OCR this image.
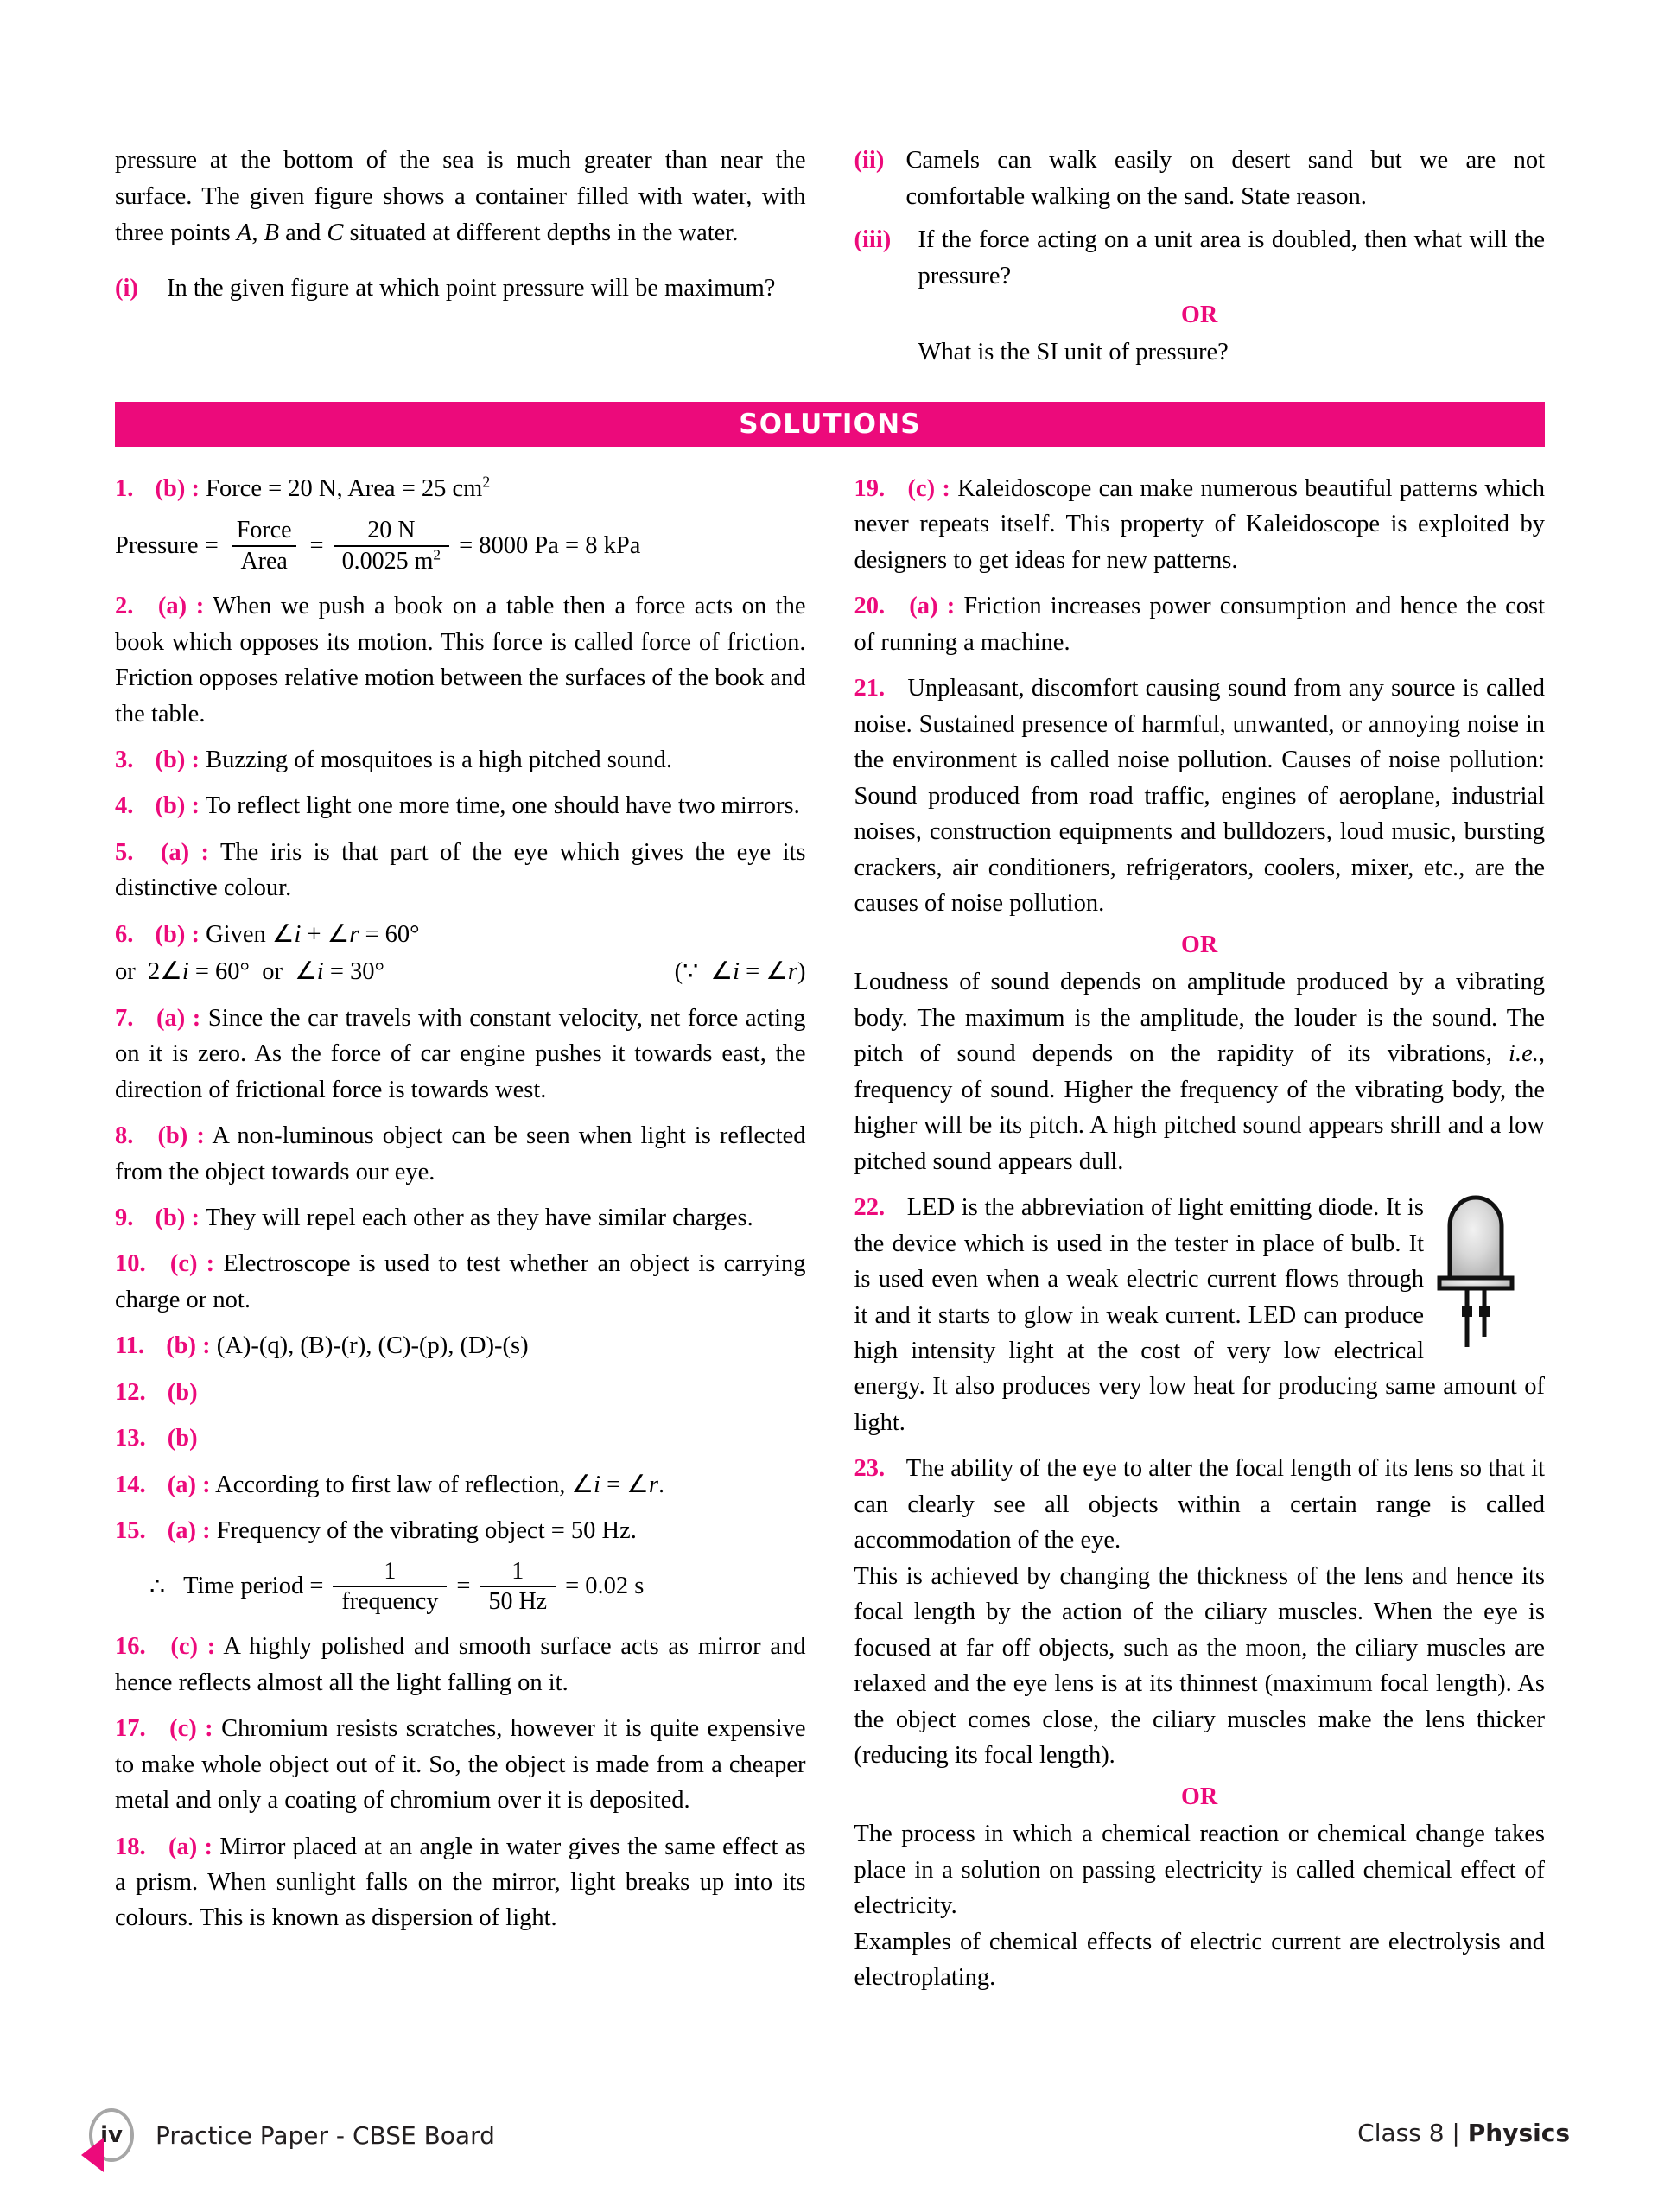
pressure at the bottom of the sea is much greater than near the surface. The given figure shows a container filled with water, with three points A, B and C situated at different depths in the water.

(i)	In the given figure at which point pressure will be maximum?
(ii) Camels can walk easily on desert sand but we are not comfortable walking on the sand. State reason.
(iii)	If the force acting on a unit area is doubled, then what will the pressure?
OR

What is the SI unit of pressure?

SOLUTIONS

1. (b) : Force = 20 N, Area = 25 $cm^2$

Pressure = $\frac{\text{Force}}{\text{Area}} = \frac{20 N}{0.0025 m^2} = 8000$ Pa = 8 kPa

2. (a) : When we push a book on a table then a force acts on the book which opposes its motion. This force is called force of friction. Friction opposes relative motion between the surfaces of the book and the table.

3. (b) : Buzzing of mosquitoes is a high pitched sound.

4. (b) : To reflect light one more time, one should have two mirrors.

5. (a) : The iris is that part of the eye which gives the eye its distinctive colour.

6. (b) : Given ∠i + ∠r = 60°

or  2∠i = 60°  or  ∠i = 30°	(∵  ∠i = ∠r)

7. (a) : Since the car travels with constant velocity, net force acting on it is zero. As the force of car engine pushes it towards east, the direction of frictional force is towards west.

8. (b) : A non-luminous object can be seen when light is reflected from the object towards our eye.

9. (b) : They will repel each other as they have similar charges.

10. (c) : Electroscope is used to test whether an object is carrying charge or not.

11. (b) : (A)-(q), (B)-(r), (C)-(p), (D)-(s)

12. (b)

13. (b)

14. (a) : According to first law of reflection, ∠i = ∠r.

15. (a) : Frequency of the vibrating object = 50 Hz.

∴ Time period = $\frac{1}{\text{frequency}} = \frac{1}{50 Hz} = 0.02$ s

16. (c) : A highly polished and smooth surface acts as mirror and hence reflects almost all the light falling on it.

17. (c) : Chromium resists scratches, however it is quite expensive to make whole object out of it. So, the object is made from a cheaper metal and only a coating of chromium over it is deposited.

18. (a) : Mirror placed at an angle in water gives the same effect as a prism. When sunlight falls on the mirror, light breaks up into its colours. This is known as dispersion of light.

19. (c) : Kaleidoscope can make numerous beautiful patterns which never repeats itself. This property of Kaleidoscope is exploited by designers to get ideas for new patterns.

20. (a) : Friction increases power consumption and hence the cost of running a machine.

21. Unpleasant, discomfort causing sound from any source is called noise. Sustained presence of harmful, unwanted, or annoying noise in the environment is called noise pollution. Causes of noise pollution: Sound produced from road traffic, engines of aeroplane, industrial noises, construction equipments and bulldozers, loud music, bursting crackers, air conditioners, refrigerators, coolers, mixer, etc., are the causes of noise pollution.

OR

Loudness of sound depends on amplitude produced by a vibrating body. The maximum is the amplitude, the louder is the sound. The pitch of sound depends on the rapidity of its vibrations, i.e., frequency of sound. Higher the frequency of the vibrating body, the higher will be its pitch. A high pitched sound appears shrill and a low pitched sound appears dull.

22. LED is the abbreviation of light emitting diode. It is the device which is used in the tester in place of bulb. It is used even when a weak electric current flows through it and it starts to glow in weak current. LED can produce high intensity light at the cost of very low electrical energy. It also produces very low heat for producing same amount of light.

23. The ability of the eye to alter the focal length of its lens so that it can clearly see all objects within a certain range is called accommodation of the eye.

This is achieved by changing the thickness of the lens and hence its focal length by the action of the ciliary muscles. When the eye is focused at far off objects, such as the moon, the ciliary muscles are relaxed and the eye lens is at its thinnest (maximum focal length). As the object comes close, the ciliary muscles make the lens thicker (reducing its focal length).

OR

The process in which a chemical reaction or chemical change takes place in a solution on passing electricity is called chemical effect of electricity.

Examples of chemical effects of electric current are electrolysis and electroplating.

iv Practice Paper - CBSE Board	Class 8 | Physics
